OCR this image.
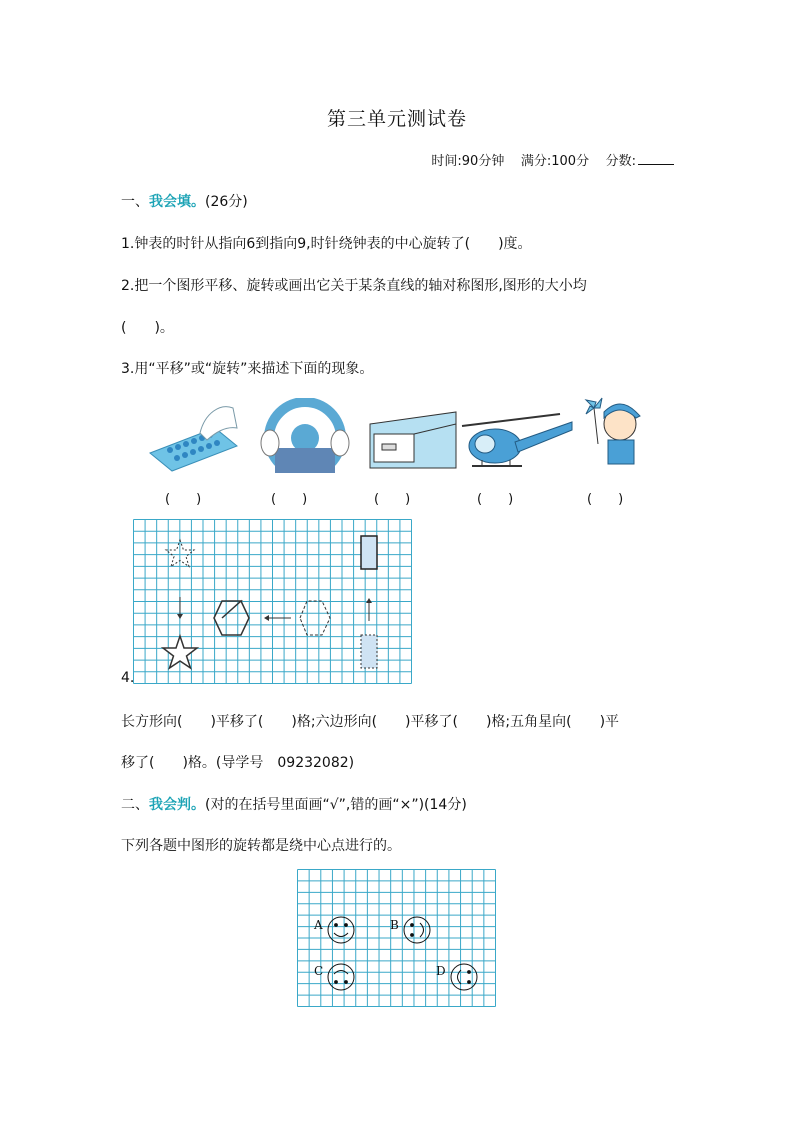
第三单元测试卷
时间:90分钟 满分:100分 分数:
一、我会填。(26分)
1.钟表的时针从指向6到指向9,时针绕钟表的中心旋转了(　　)度。
2.把一个图形平移、旋转或画出它关于某条直线的轴对称图形,图形的大小均
(　　)。
3.用“平移”或“旋转”来描述下面的现象。
(　　)	(　　)	(　　)	(　　)	(　　)
4.
长方形向(　　)平移了(　　)格;六边形向(　　)平移了(　　)格;五角星向(　　)平
移了(　　)格。(导学号　09232082)
二、我会判。(对的在括号里面画“√”,错的画“×”)(14分)
下列各题中图形的旋转都是绕中心点进行的。
A	B
C	D
